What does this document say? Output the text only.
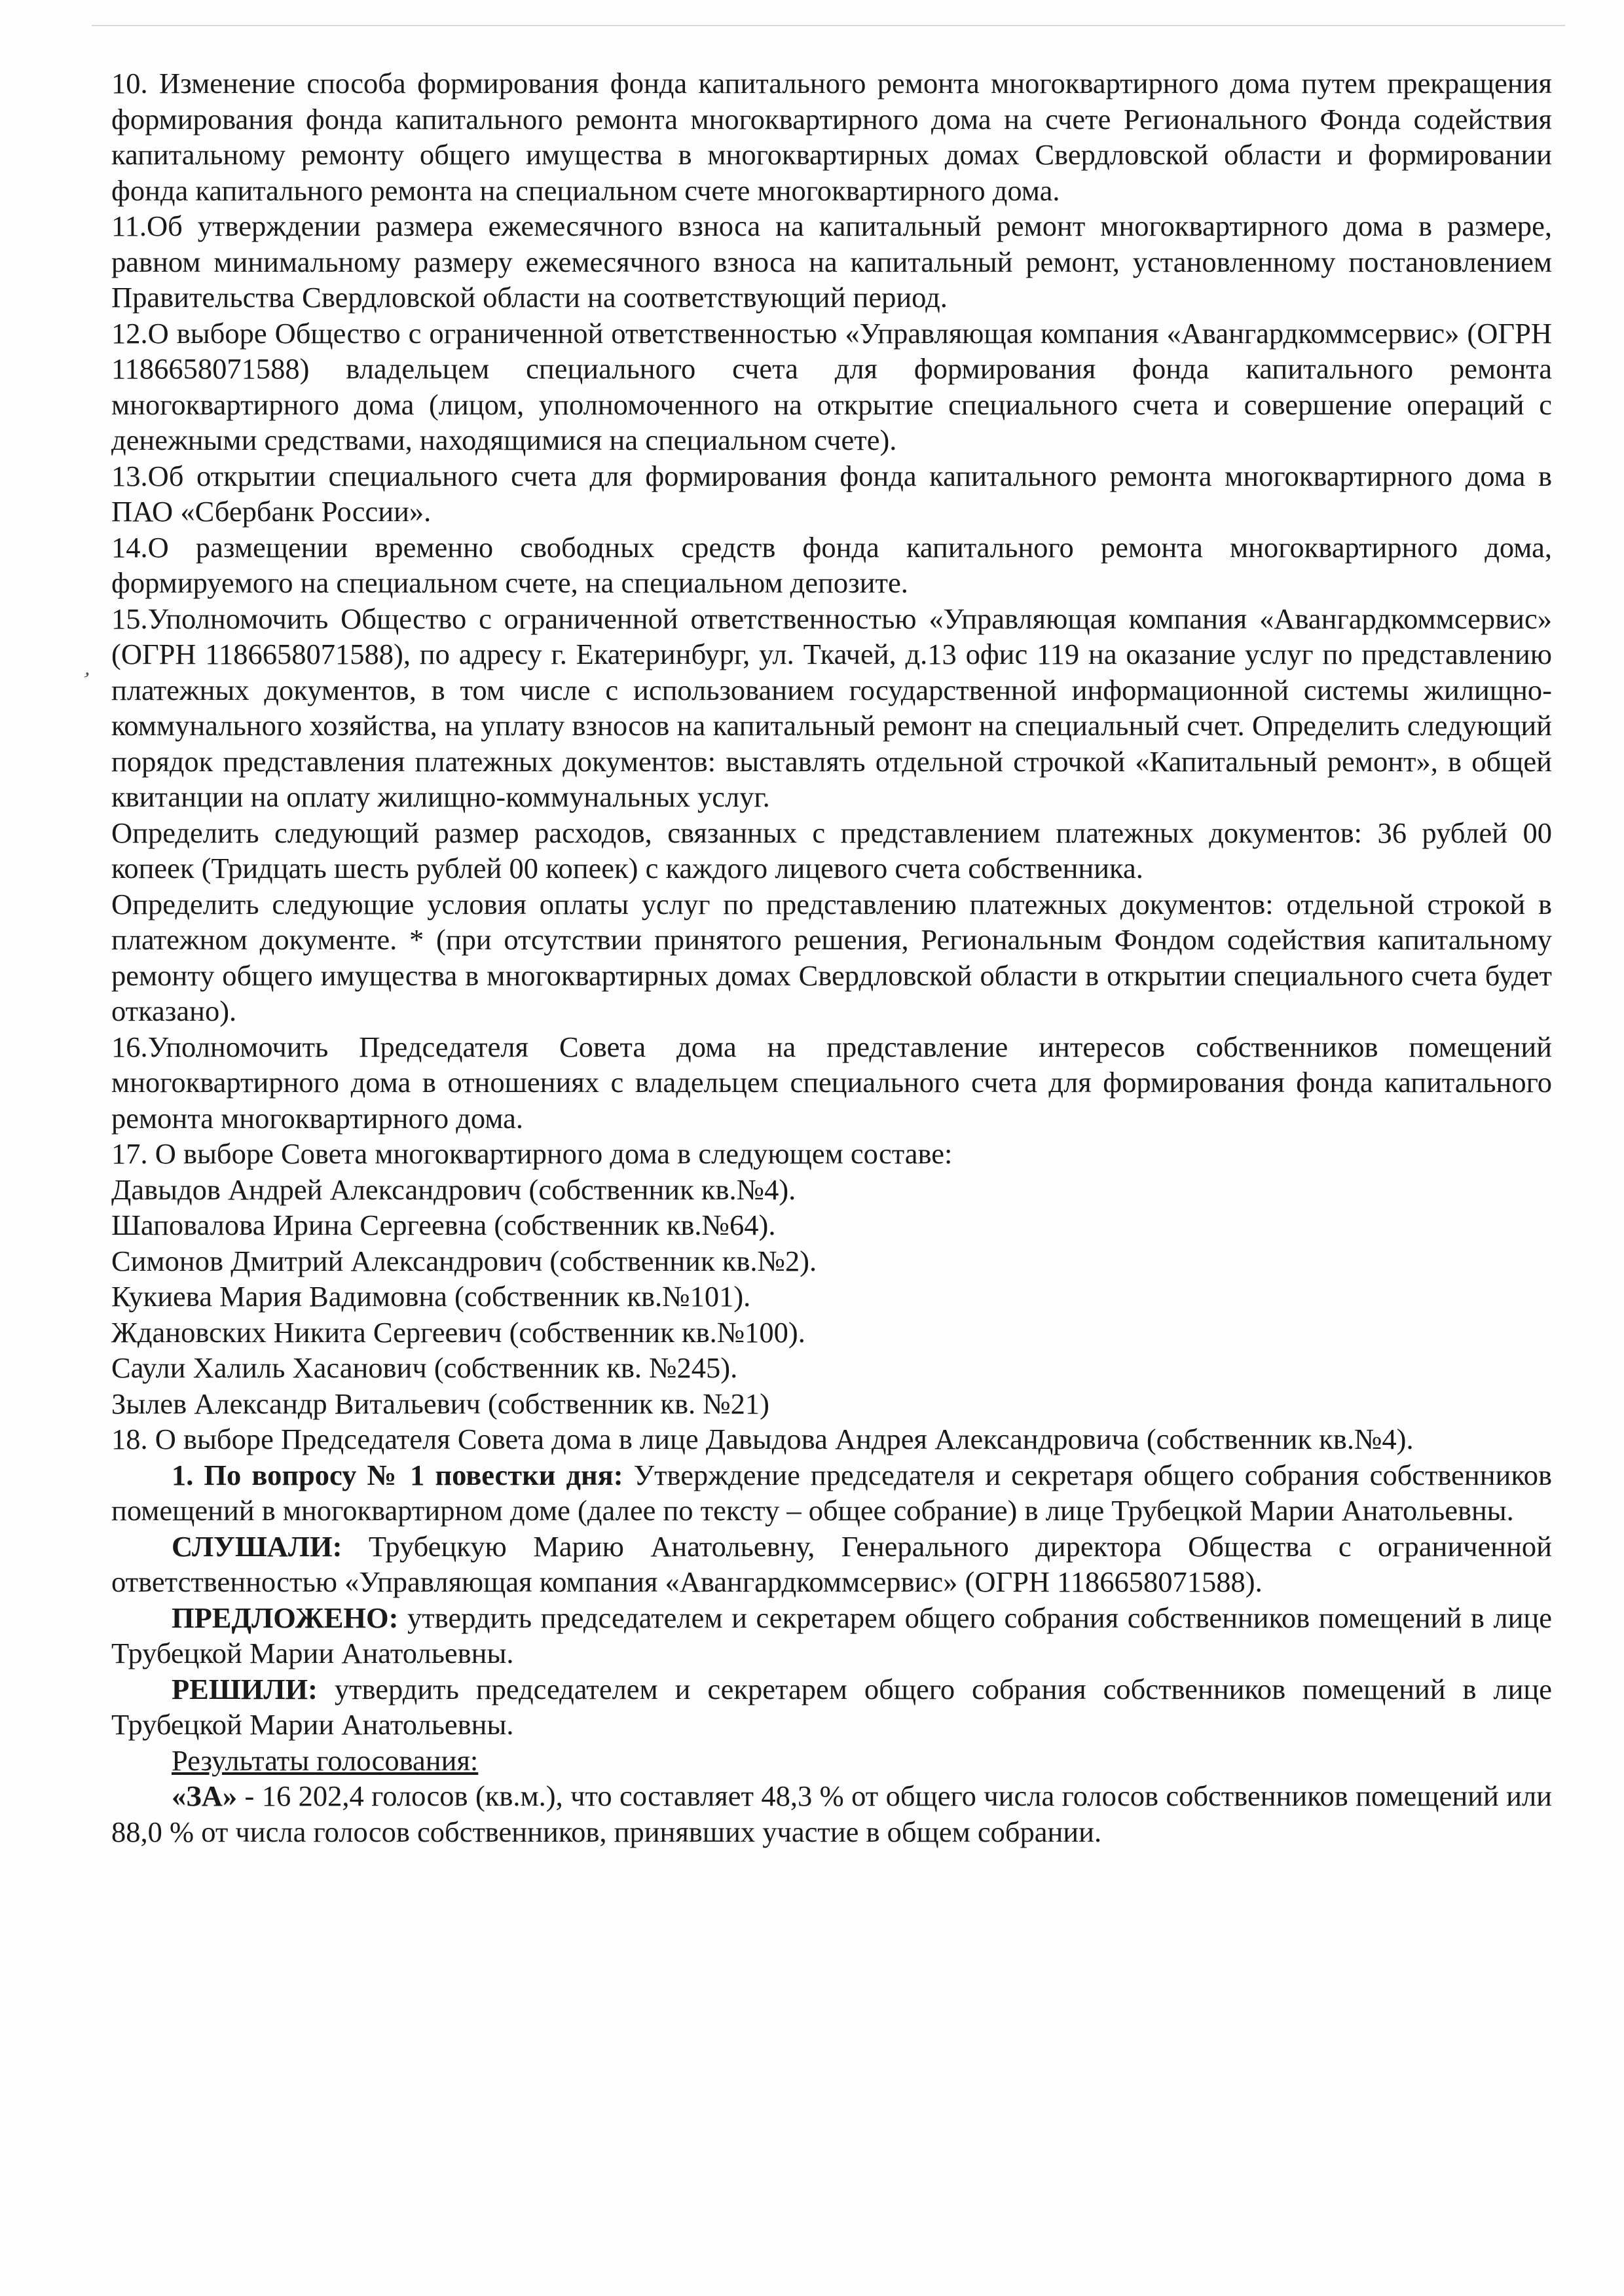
’

10. Изменение способа формирования фонда капитального ремонта многоквартирного дома путем прекращения формирования фонда капитального ремонта многоквартирного дома на счете Регионального Фонда содействия капитальному ремонту общего имущества в многоквартирных домах Свердловской области и формировании фонда капитального ремонта на специальном счете многоквартирного дома.

11.Об утверждении размера ежемесячного взноса на капитальный ремонт многоквартирного дома в размере, равном минимальному размеру ежемесячного взноса на капитальный ремонт, установленному постановлением Правительства Свердловской области на соответствующий период.

12.О выборе Общество с ограниченной ответственностью «Управляющая компания «Авангардкоммсервис» (ОГРН 1186658071588) владельцем специального счета для формирования фонда капитального ремонта многоквартирного дома (лицом, уполномоченного на открытие специального счета и совершение операций с денежными средствами, находящимися на специальном счете).

13.Об открытии специального счета для формирования фонда капитального ремонта многоквартирного дома в ПАО «Сбербанк России».

14.О размещении временно свободных средств фонда капитального ремонта многоквартирного дома, формируемого на специальном счете, на специальном депозите.

15.Уполномочить Общество с ограниченной ответственностью «Управляющая компания «Авангардкоммсервис» (ОГРН 1186658071588), по адресу г. Екатеринбург, ул. Ткачей, д.13 офис 119 на оказание услуг по представлению платежных документов, в том числе с использованием государственной информационной системы жилищно-коммунального хозяйства, на уплату взносов на капитальный ремонт на специальный счет. Определить следующий порядок представления платежных документов: выставлять отдельной строчкой «Капитальный ремонт», в общей квитанции на оплату жилищно-коммунальных услуг.

Определить следующий размер расходов, связанных с представлением платежных документов: 36 рублей 00 копеек (Тридцать шесть рублей 00 копеек) с каждого лицевого счета собственника.

Определить следующие условия оплаты услуг по представлению платежных документов: отдельной строкой в платежном документе. * (при отсутствии принятого решения, Региональным Фондом содействия капитальному ремонту общего имущества в многоквартирных домах Свердловской области в открытии специального счета будет отказано).

16.Уполномочить Председателя Совета дома на представление интересов собственников помещений многоквартирного дома в отношениях с владельцем специального счета для формирования фонда капитального ремонта многоквартирного дома.

17. О выборе Совета многоквартирного дома в следующем составе:

Давыдов Андрей Александрович (собственник кв.№4).

Шаповалова Ирина Сергеевна (собственник кв.№64).

Симонов Дмитрий Александрович (собственник кв.№2).

Кукиева Мария Вадимовна (собственник кв.№101).

Ждановских Никита Сергеевич (собственник кв.№100).

Саули Халиль Хасанович (собственник кв. №245).

Зылев Александр Витальевич (собственник кв. №21)

18. О выборе Председателя Совета дома в лице Давыдова Андрея Александровича (собственник кв.№4).

1. По вопросу № 1 повестки дня: Утверждение председателя и секретаря общего собрания собственников помещений в многоквартирном доме (далее по тексту – общее собрание) в лице Трубецкой Марии Анатольевны.

СЛУШАЛИ: Трубецкую Марию Анатольевну, Генерального директора Общества с ограниченной ответственностью «Управляющая компания «Авангардкоммсервис» (ОГРН 1186658071588).

ПРЕДЛОЖЕНО: утвердить председателем и секретарем общего собрания собственников помещений в лице Трубецкой Марии Анатольевны.

РЕШИЛИ: утвердить председателем и секретарем общего собрания собственников помещений в лице Трубецкой Марии Анатольевны.

Результаты голосования:

«ЗА» - 16 202,4 голосов (кв.м.), что составляет 48,3 % от общего числа голосов собственников помещений или 88,0 % от числа голосов собственников, принявших участие в общем собрании.
